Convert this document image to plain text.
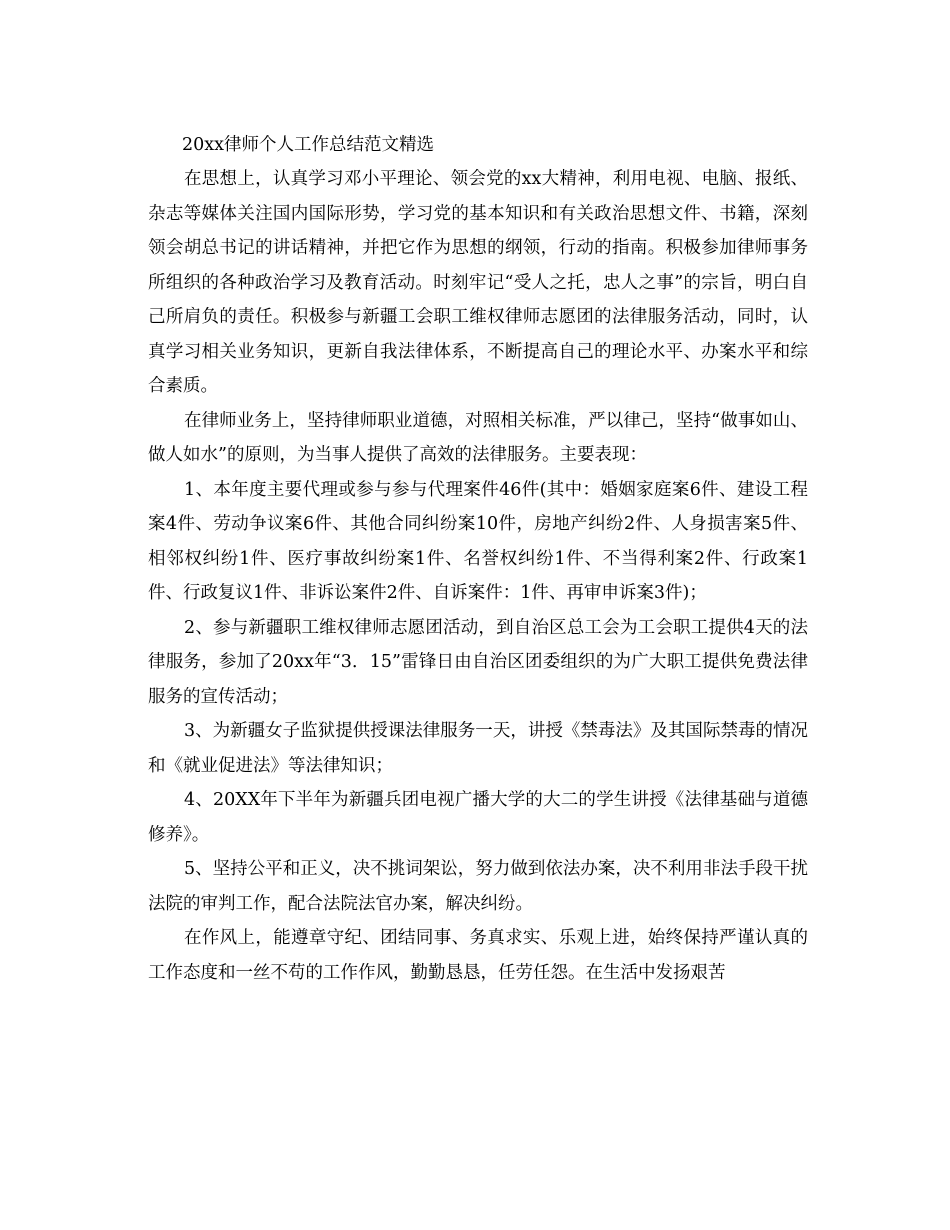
20xx律师个人工作总结范文精选

在思想上，认真学习邓小平理论、领会党的xx大精神，利用电视、电脑、报纸、杂志等媒体关注国内国际形势，学习党的基本知识和有关政治思想文件、书籍，深刻领会胡总书记的讲话精神，并把它作为思想的纲领，行动的指南。积极参加律师事务所组织的各种政治学习及教育活动。时刻牢记“受人之托，忠人之事”的宗旨，明白自己所肩负的责任。积极参与新疆工会职工维权律师志愿团的法律服务活动，同时，认真学习相关业务知识，更新自我法律体系，不断提高自己的理论水平、办案水平和综合素质。

在律师业务上，坚持律师职业道德，对照相关标准，严以律己，坚持“做事如山、做人如水”的原则，为当事人提供了高效的法律服务。主要表现：

1、本年度主要代理或参与参与代理案件46件(其中：婚姻家庭案6件、建设工程案4件、劳动争议案6件、其他合同纠纷案10件，房地产纠纷2件、人身损害案5件、相邻权纠纷1件、医疗事故纠纷案1件、名誉权纠纷1件、不当得利案2件、行政案1件、行政复议1件、非诉讼案件2件、自诉案件：1件、再审申诉案3件)；

2、参与新疆职工维权律师志愿团活动，到自治区总工会为工会职工提供4天的法律服务，参加了20xx年“3．15”雷锋日由自治区团委组织的为广大职工提供免费法律服务的宣传活动；

3、为新疆女子监狱提供授课法律服务一天，讲授《禁毒法》及其国际禁毒的情况和《就业促进法》等法律知识；

4、20XX年下半年为新疆兵团电视广播大学的大二的学生讲授《法律基础与道德修养》。

5、坚持公平和正义，决不挑词架讼，努力做到依法办案，决不利用非法手段干扰法院的审判工作，配合法院法官办案，解决纠纷。

在作风上，能遵章守纪、团结同事、务真求实、乐观上进，始终保持严谨认真的工作态度和一丝不苟的工作作风，勤勤恳恳，任劳任怨。在生活中发扬艰苦
